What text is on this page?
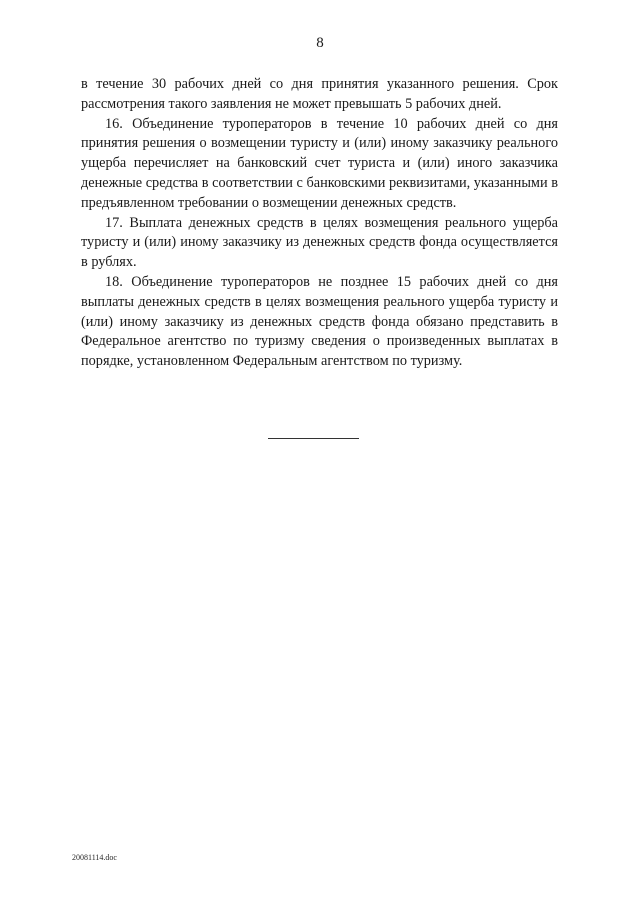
8

в течение 30 рабочих дней со дня принятия указанного решения. Срок рассмотрения такого заявления не может превышать 5 рабочих дней.

16. Объединение туроператоров в течение 10 рабочих дней со дня принятия решения о возмещении туристу и (или) иному заказчику реального ущерба перечисляет на банковский счет туриста и (или) иного заказчика денежные средства в соответствии с банковскими реквизитами, указанными в предъявленном требовании о возмещении денежных средств.

17. Выплата денежных средств в целях возмещения реального ущерба туристу и (или) иному заказчику из денежных средств фонда осуществляется в рублях.

18. Объединение туроператоров не позднее 15 рабочих дней со дня выплаты денежных средств в целях возмещения реального ущерба туристу и (или) иному заказчику из денежных средств фонда обязано представить в Федеральное агентство по туризму сведения о произведенных выплатах в порядке, установленном Федеральным агентством по туризму.

20081114.doc
